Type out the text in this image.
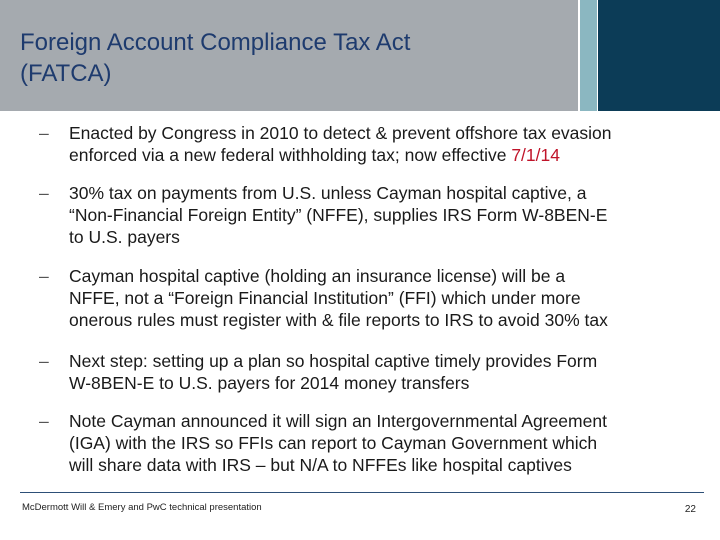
Foreign Account Compliance Tax Act
(FATCA)
–	Enacted by Congress in 2010 to detect & prevent offshore tax evasion
enforced via a new federal withholding tax; now effective 7/1/14
–	30% tax on payments from U.S. unless Cayman hospital captive, a
“Non-Financial Foreign Entity” (NFFE), supplies IRS Form W-8BEN-E
to U.S. payers
–	Cayman hospital captive (holding an insurance license) will be a
NFFE, not a “Foreign Financial Institution” (FFI) which under more
onerous rules must register with & file reports to IRS to avoid 30% tax
–	Next step: setting up a plan so hospital captive timely provides Form
W-8BEN-E to U.S. payers for 2014 money transfers
–	Note Cayman announced it will sign an Intergovernmental Agreement
(IGA) with the IRS so FFIs can report to Cayman Government which
will share data with IRS – but N/A to NFFEs like hospital captives
McDermott Will & Emery and PwC technical presentation	22
